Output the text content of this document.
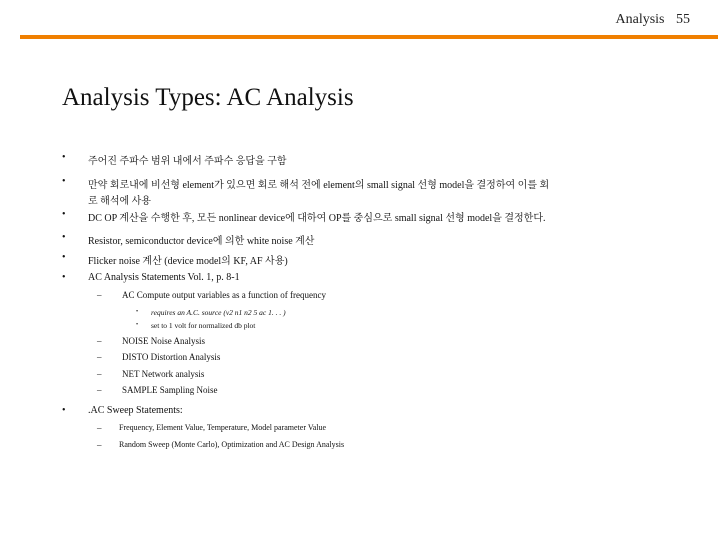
Analysis 55
Analysis Types: AC Analysis
• 주어진 주파수 범위 내에서 주파수 응답을 구함
• 만약 회로내에 비선형 element가 있으면 회로 해석 전에 element의 small signal 선형 model을 결정하여 이를 회
로 해석에 사용
• DC OP 계산을 수행한 후, 모든 nonlinear device에 대하여 OP를 중심으로 small signal 선형 model을 결정한다.
• Resistor, semiconductor device에 의한 white noise 계산
• Flicker noise 계산 (device model의 KF, AF 사용)
• AC Analysis Statements Vol. 1, p. 8-1
– AC Compute output variables as a function of frequency
• requires an A.C. source (v2 n1 n2 5 ac 1. . . )
• set to 1 volt for normalized db plot
– NOISE Noise Analysis
– DISTO Distortion Analysis
– NET Network analysis
– SAMPLE Sampling Noise
• .AC Sweep Statements:
– Frequency, Element Value, Temperature, Model parameter Value
– Random Sweep (Monte Carlo), Optimization and AC Design Analysis
